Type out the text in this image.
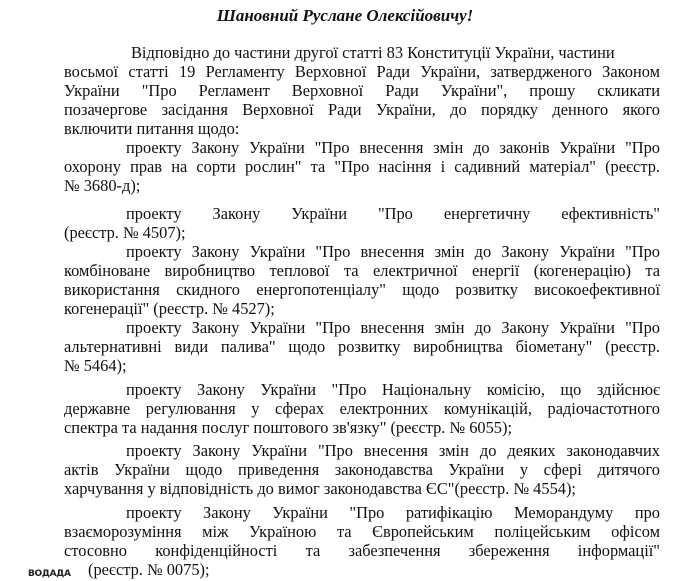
Шановний Руслане Олексійовичу!
Відповідно до частини другої статті 83 Конституції України, частини
восьмої статті 19 Регламенту Верховної Ради України, затвердженого Законом
України "Про Регламент Верховної Ради України", прошу скликати
позачергове засідання Верховної Ради України, до порядку денного якого
включити питання щодо:
проекту Закону України "Про внесення змін до законів України "Про
охорону прав на сорти рослин" та "Про насіння і садивний матеріал" (реєстр.
№ 3680-д);
проекту Закону України "Про енергетичну ефективність"
(реєстр. № 4507);
проекту Закону України "Про внесення змін до Закону України "Про
комбіноване виробництво теплової та електричної енергії (когенерацію) та
використання скидного енергопотенціалу" щодо розвитку високоефективної
когенерації" (реєстр. № 4527);
проекту Закону України "Про внесення змін до Закону України "Про
альтернативні види палива" щодо розвитку виробництва біометану" (реєстр.
№ 5464);
проекту Закону України "Про Національну комісію, що здійснює
державне регулювання у сферах електронних комунікацій, радіочастотного
спектра та надання послуг поштового зв'язку" (реєстр. № 6055);
проекту Закону України "Про внесення змін до деяких законодавчих
актів України щодо приведення законодавства України у сфері дитячого
харчування у відповідність до вимог законодавства ЄС"(реєстр. № 4554);
проекту Закону України "Про ратифікацію Меморандуму про
взаєморозуміння між Україною та Європейським поліцейським офісом
стосовно конфіденційності та забезпечення збереження інформації"
(реєстр. № 0075);
ВОДАДА
